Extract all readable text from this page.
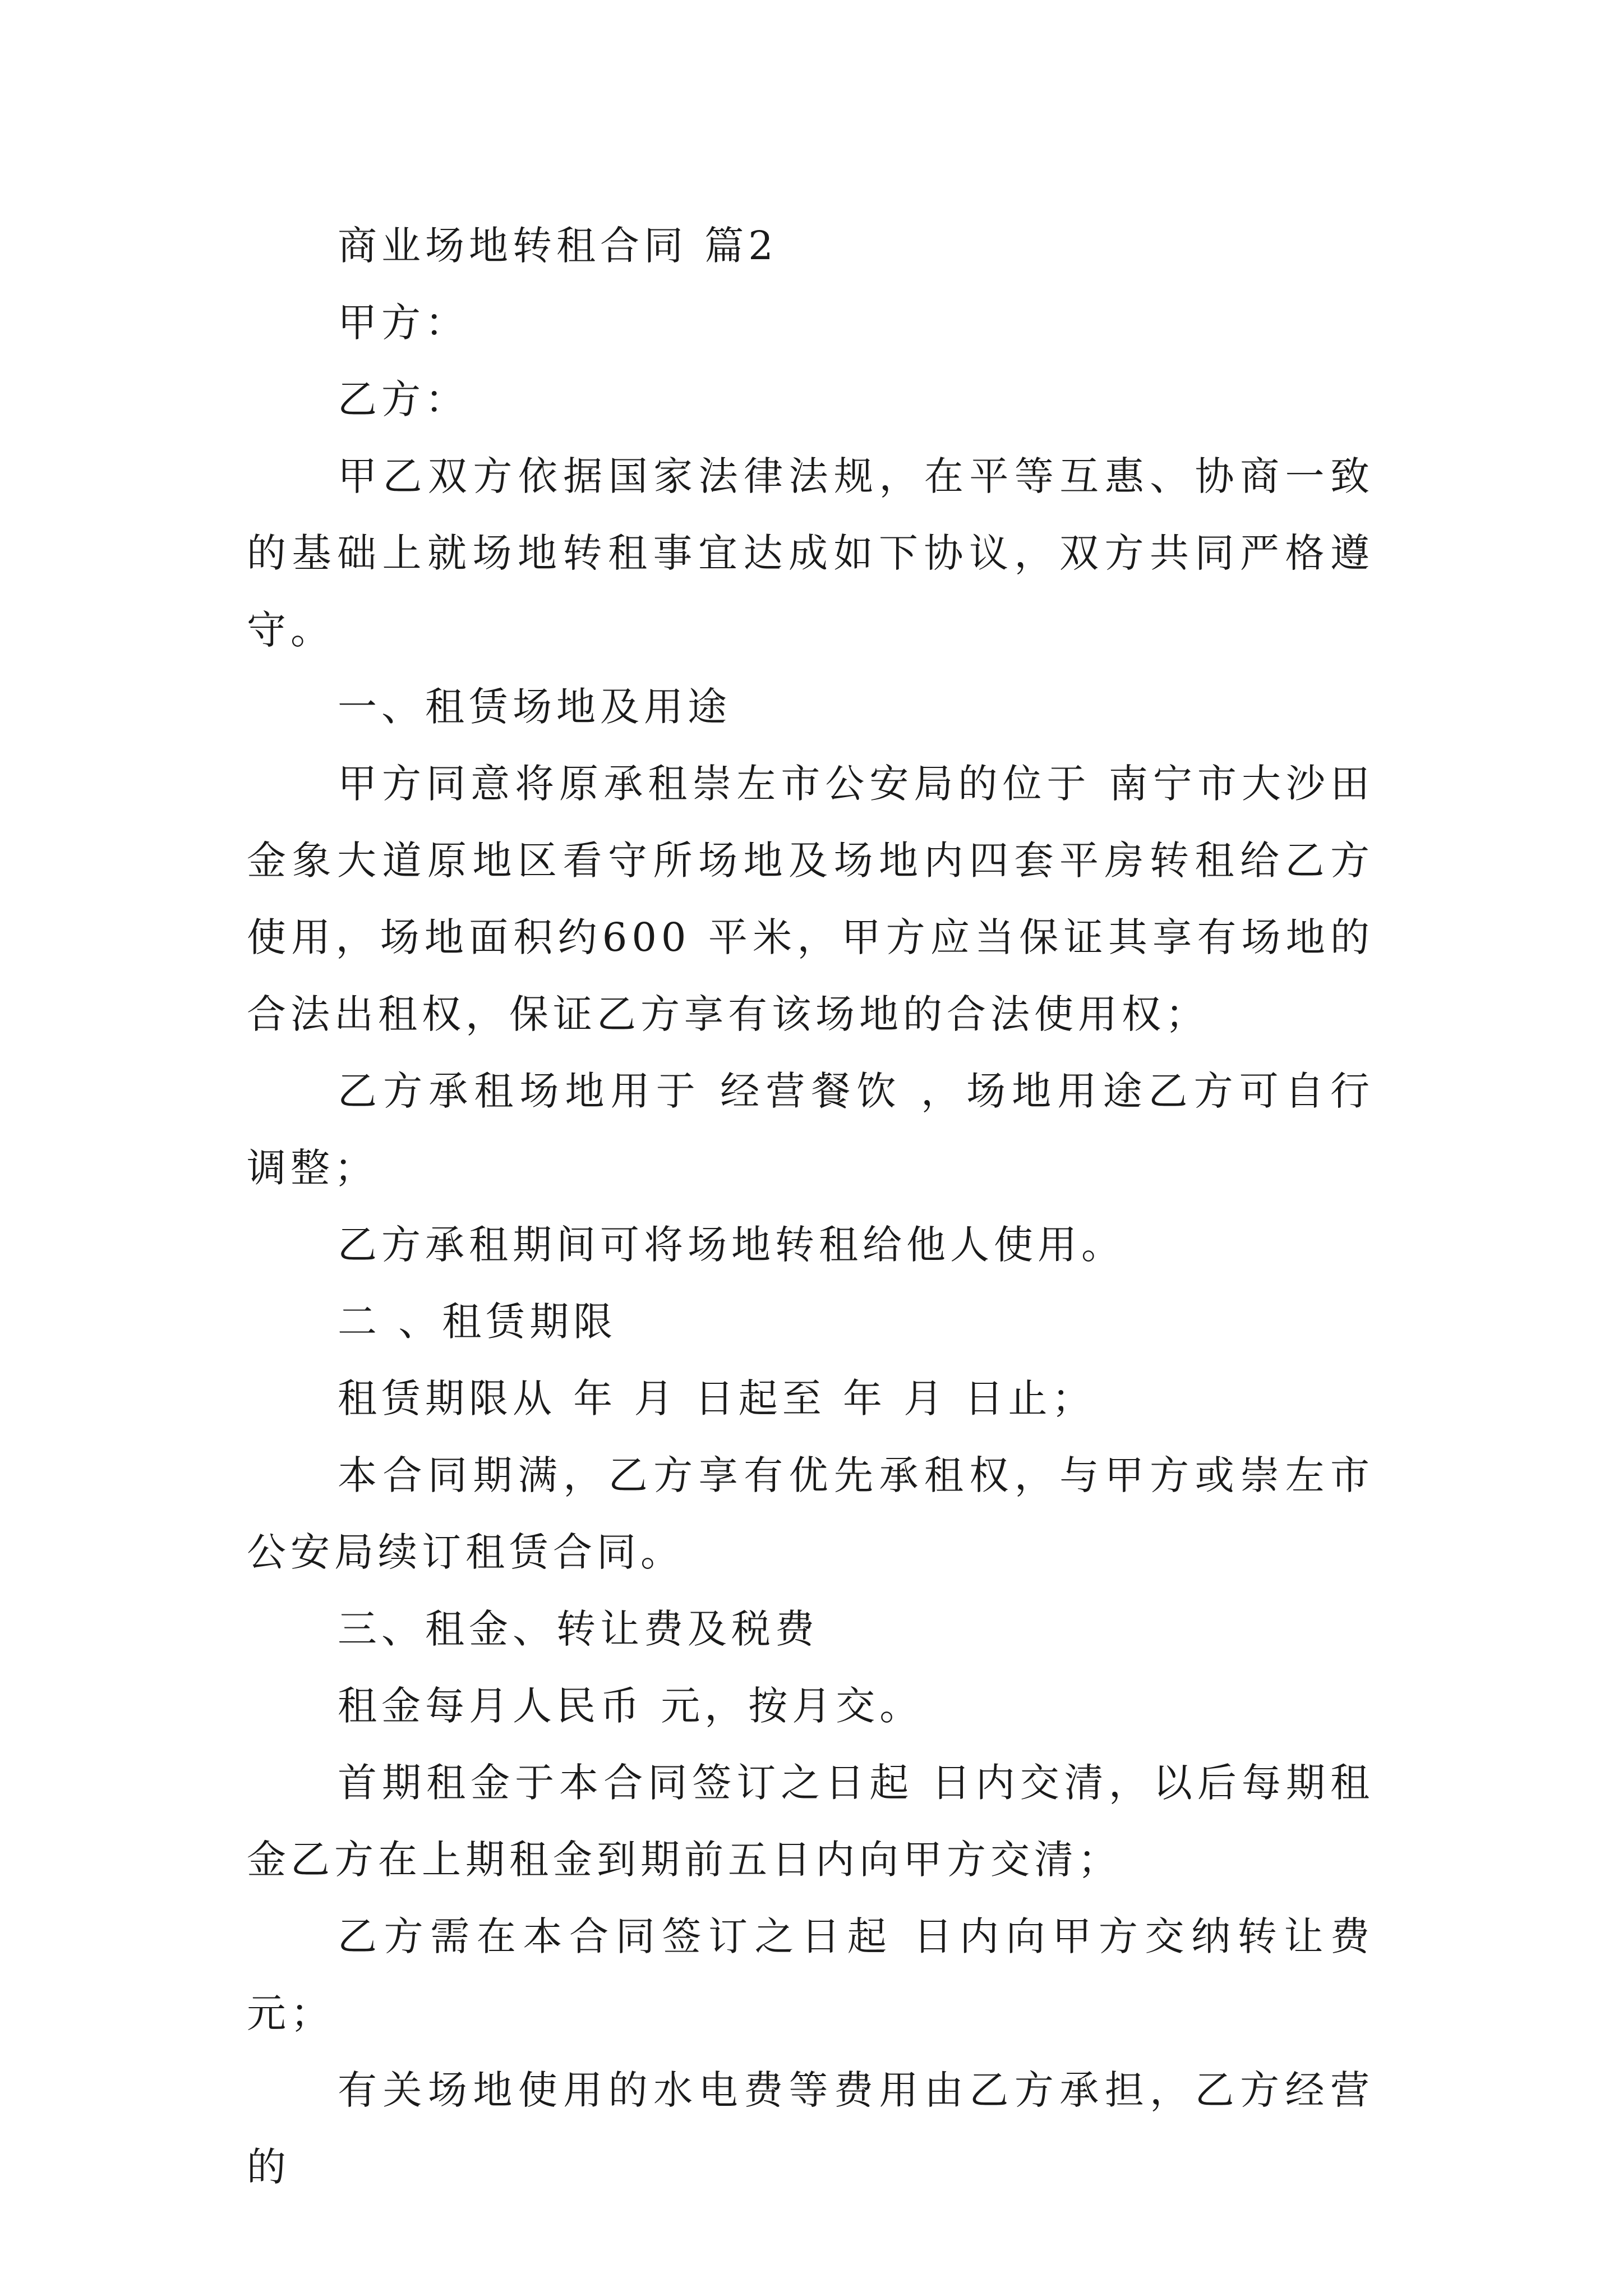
商业场地转租合同 篇2

甲方：

乙方：

甲乙双方依据国家法律法规，在平等互惠、协商一致的基础上就场地转租事宜达成如下协议，双方共同严格遵守。

一、租赁场地及用途

甲方同意将原承租崇左市公安局的位于 南宁市大沙田金象大道原地区看守所场地及场地内四套平房转租给乙方使用，场地面积约600 平米，甲方应当保证其享有场地的合法出租权，保证乙方享有该场地的合法使用权；

乙方承租场地用于 经营餐饮 ，场地用途乙方可自行调整；

乙方承租期间可将场地转租给他人使用。

二 、租赁期限

租赁期限从 年 月 日起至 年 月 日止；

本合同期满，乙方享有优先承租权，与甲方或崇左市公安局续订租赁合同。

三、租金、转让费及税费

租金每月人民币 元，按月交。

首期租金于本合同签订之日起 日内交清，以后每期租金乙方在上期租金到期前五日内向甲方交清；

乙方需在本合同签订之日起 日内向甲方交纳转让费 元；

有关场地使用的水电费等费用由乙方承担，乙方经营的
